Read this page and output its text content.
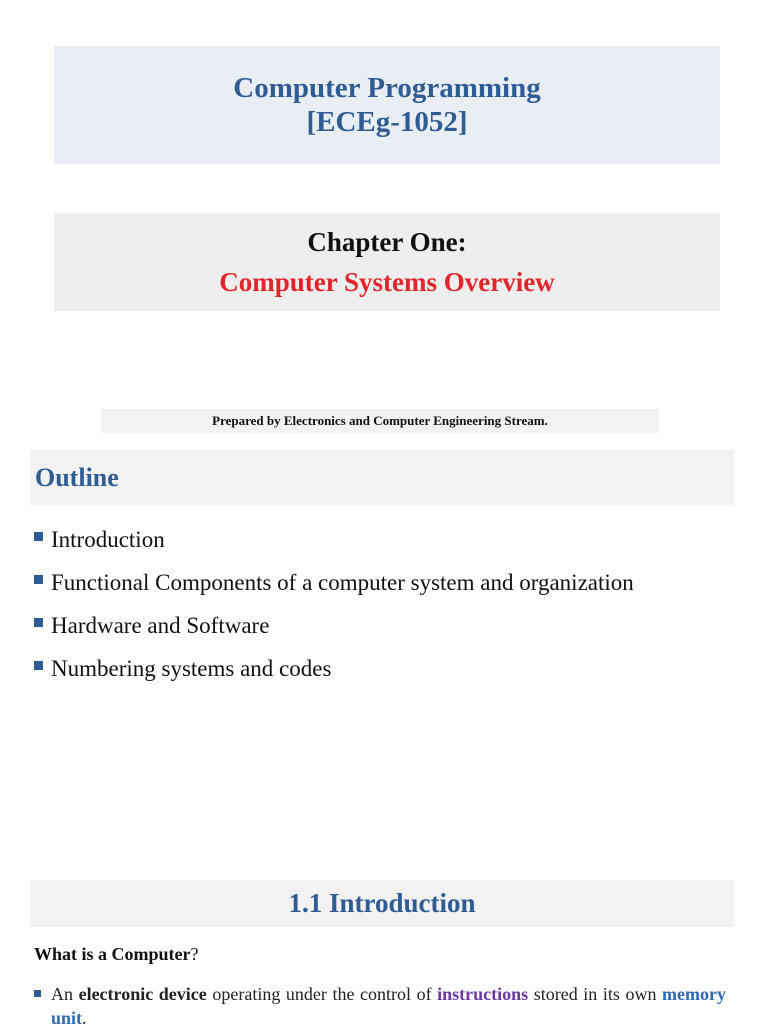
Computer Programming
[ECEg-1052]
Chapter One:
Computer Systems Overview
Prepared by Electronics and Computer Engineering Stream.
Outline
Introduction
Functional Components of a computer system and organization
Hardware and Software
Numbering systems and codes
1.1 Introduction
What is a Computer?
An electronic device operating under the control of instructions stored in its own memory unit.
